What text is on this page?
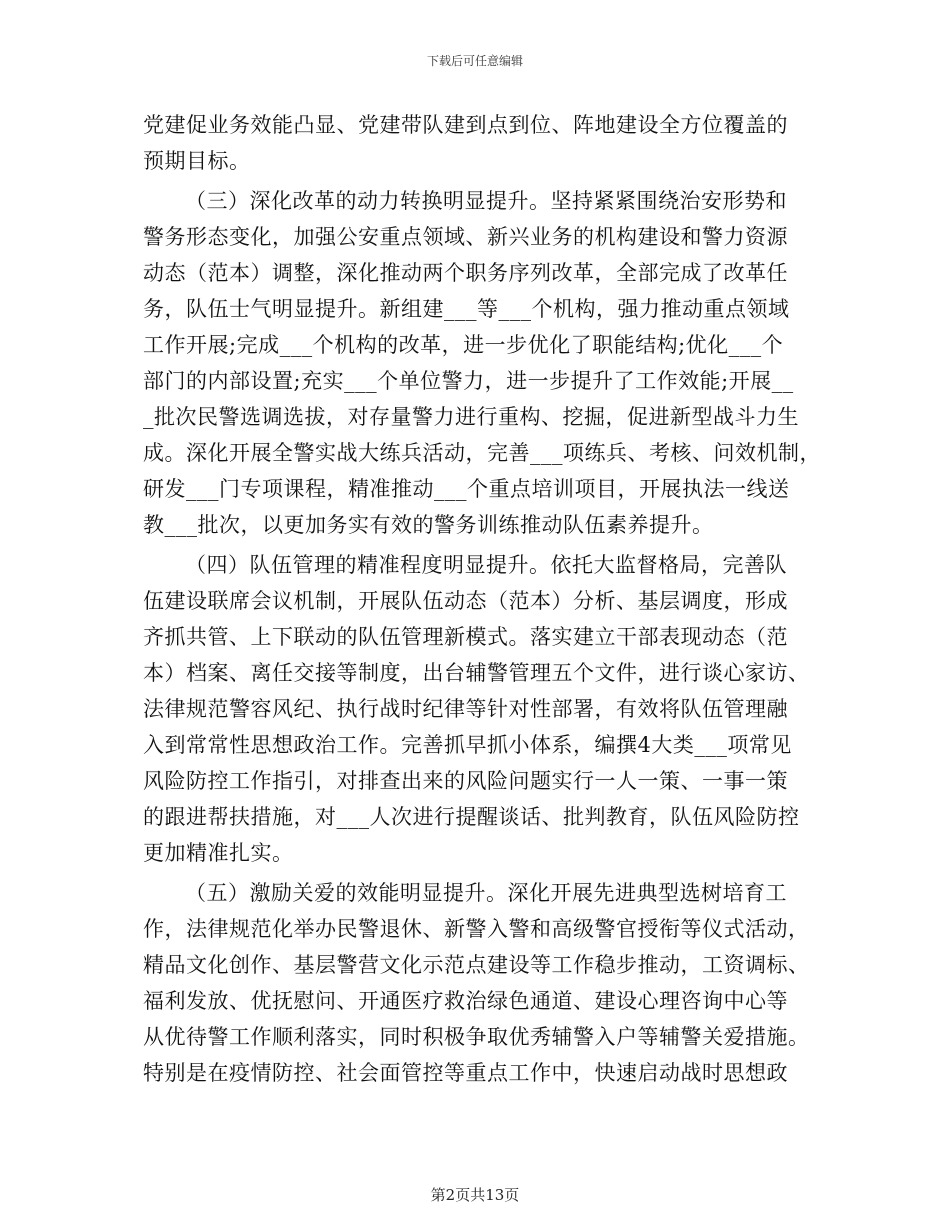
下载后可任意编辑
党建促业务效能凸显、党建带队建到点到位、阵地建设全方位覆盖的
预期目标。
（三）深化改革的动力转换明显提升。坚持紧紧围绕治安形势和
警务形态变化，加强公安重点领域、新兴业务的机构建设和警力资源
动态（范本）调整，深化推动两个职务序列改革，全部完成了改革任
务，队伍士气明显提升。新组建___等___个机构，强力推动重点领域
工作开展;完成___个机构的改革，进一步优化了职能结构;优化___个
部门的内部设置;充实___个单位警力，进一步提升了工作效能;开展__
_批次民警选调选拔，对存量警力进行重构、挖掘，促进新型战斗力生
成。深化开展全警实战大练兵活动，完善___项练兵、考核、问效机制，
研发___门专项课程，精准推动___个重点培训项目，开展执法一线送
教___批次，以更加务实有效的警务训练推动队伍素养提升。
（四）队伍管理的精准程度明显提升。依托大监督格局，完善队
伍建设联席会议机制，开展队伍动态（范本）分析、基层调度，形成
齐抓共管、上下联动的队伍管理新模式。落实建立干部表现动态（范
本）档案、离任交接等制度，出台辅警管理五个文件，进行谈心家访、
法律规范警容风纪、执行战时纪律等针对性部署，有效将队伍管理融
入到常常性思想政治工作。完善抓早抓小体系，编撰4大类___项常见
风险防控工作指引，对排查出来的风险问题实行一人一策、一事一策
的跟进帮扶措施，对___人次进行提醒谈话、批判教育，队伍风险防控
更加精准扎实。
（五）激励关爱的效能明显提升。深化开展先进典型选树培育工
作，法律规范化举办民警退休、新警入警和高级警官授衔等仪式活动，
精品文化创作、基层警营文化示范点建设等工作稳步推动，工资调标、
福利发放、优抚慰问、开通医疗救治绿色通道、建设心理咨询中心等
从优待警工作顺利落实，同时积极争取优秀辅警入户等辅警关爱措施。
特别是在疫情防控、社会面管控等重点工作中，快速启动战时思想政
第2页共13页
